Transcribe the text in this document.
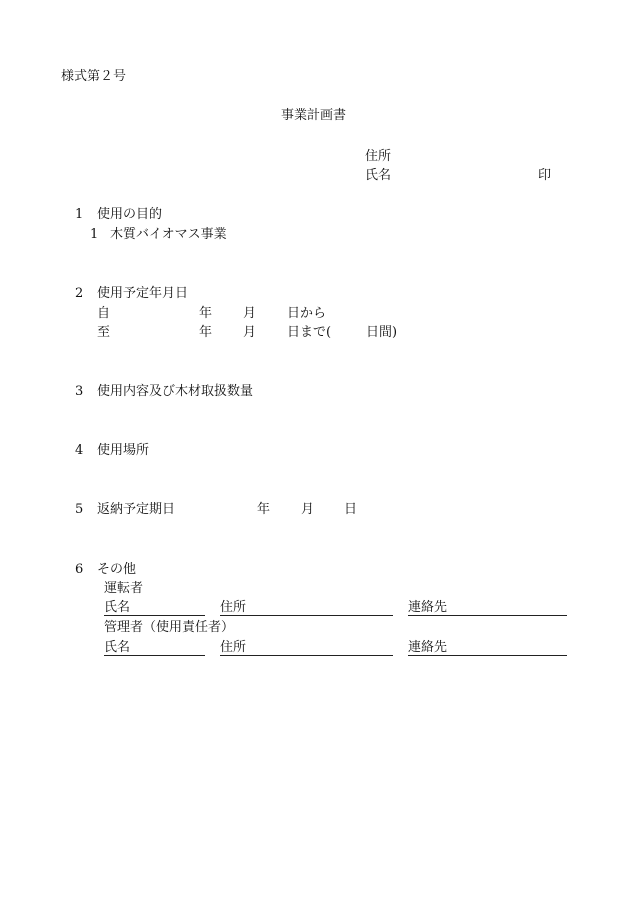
様式第２号
事業計画書
住所
氏名	印
1 使用の目的
1 木質バイオマス事業
2 使用予定年月日
自	年 月 日から
至	年 月 日まで(	日間)
3 使用内容及び木材取扱数量
4 使用場所
5 返納予定期日	年 月 日
6 その他
運転者
氏名	住所	連絡先
管理者（使用責任者）
氏名	住所	連絡先
